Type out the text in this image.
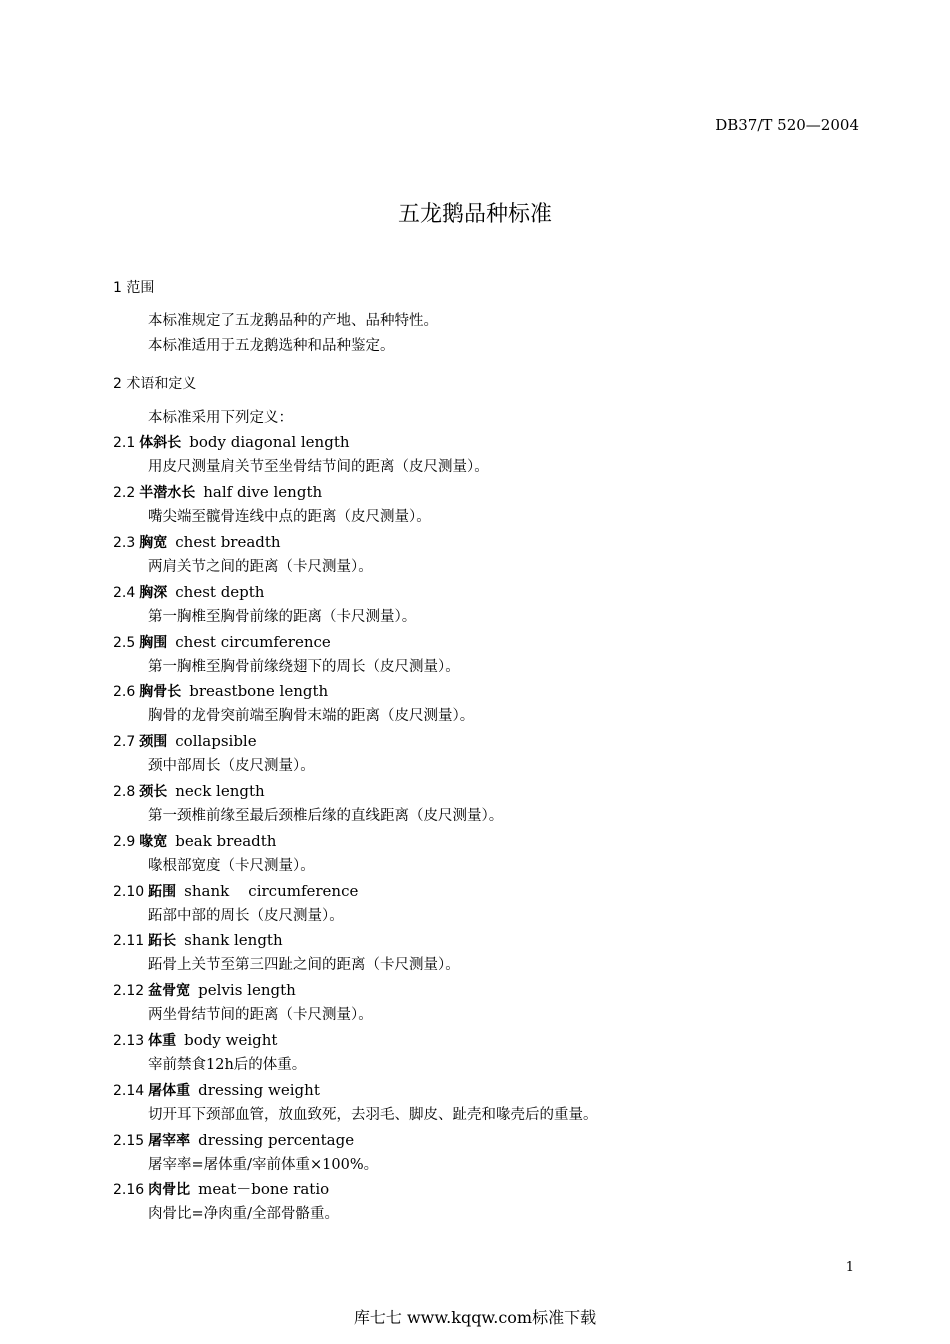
DB37/T 520—2004
五龙鹅品种标准
1 范围
本标准规定了五龙鹅品种的产地、品种特性。
本标准适用于五龙鹅选种和品种鉴定。
2 术语和定义
本标准采用下列定义：
2.1 体斜长 body diagonal length
用皮尺测量肩关节至坐骨结节间的距离（皮尺测量）。
2.2 半潜水长 half dive length
嘴尖端至髋骨连线中点的距离（皮尺测量）。
2.3 胸宽 chest breadth
两肩关节之间的距离（卡尺测量）。
2.4 胸深 chest depth
第一胸椎至胸骨前缘的距离（卡尺测量）。
2.5 胸围 chest circumference
第一胸椎至胸骨前缘绕翅下的周长（皮尺测量）。
2.6 胸骨长 breastbone length
胸骨的龙骨突前端至胸骨末端的距离（皮尺测量）。
2.7 颈围 collapsible
颈中部周长（皮尺测量）。
2.8 颈长 neck length
第一颈椎前缘至最后颈椎后缘的直线距离（皮尺测量）。
2.9 喙宽 beak breadth
喙根部宽度（卡尺测量）。
2.10 跖围 shank    circumference
跖部中部的周长（皮尺测量）。
2.11 跖长 shank length
跖骨上关节至第三四趾之间的距离（卡尺测量）。
2.12 盆骨宽 pelvis length
两坐骨结节间的距离（卡尺测量）。
2.13 体重 body weight
宰前禁食12h后的体重。
2.14 屠体重 dressing weight
切开耳下颈部血管，放血致死，去羽毛、脚皮、趾壳和喙壳后的重量。
2.15 屠宰率 dressing percentage
屠宰率=屠体重/宰前体重×100%。
2.16 肉骨比 meat－bone ratio
肉骨比=净肉重/全部骨骼重。
1
库七七 www.kqqw.com标准下载
